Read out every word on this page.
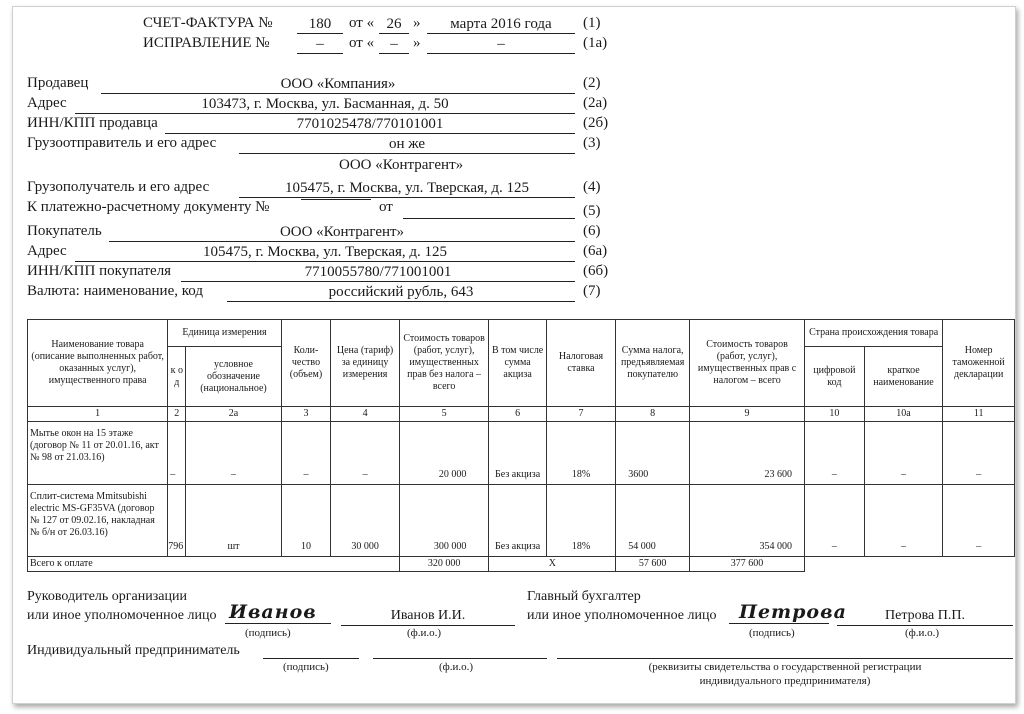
СЧЕТ-ФАКТУРА №	180	от « 26 »	марта 2016 года	(1)
ИСПРАВЛЕНИЕ №	–	от «	–	»	–	(1а)
Продавец	ООО «Компания»	(2)
Адрес	103473, г. Москва, ул. Басманная, д. 50	(2а)
ИНН/КПП продавца	7701025478/770101001	(2б)
Грузоотправитель и его адрес	он же	(3)
ООО «Контрагент»
Грузополучатель и его адрес	105475, г. Москва, ул. Тверская, д. 125	(4)
К платежно-расчетному документу №	от	(5)
Покупатель	ООО «Контрагент»	(6)
Адрес	105475, г. Москва, ул. Тверская, д. 125	(6а)
ИНН/КПП покупателя	7710055780/771001001	(6б)
Валюта: наименование, код	российский рубль, 643	(7)
Наименование товара (описание выполненных работ, оказанных услуг), имущественного права	Единица измерения		Коли-чество (объем)	Цена (тариф) за единицу измерения	Стоимость товаров (работ, услуг), имущественных прав без налога – всего	В том числе сумма акциза	Налоговая ставка	Сумма налога, предъявляемая покупателю	Стоимость товаров (работ, услуг), имущественных прав с налогом – всего	Страна происхождения товара		Номер таможенной декларации
	к о д	условное обозначение (национальное)								цифровой код	краткое наименование	
1	2	2а	3	4	5	6	7	8	9	10	10а	11
Мытье окон на 15 этаже (договор № 11 от 20.01.16, акт № 98 от 21.03.16)	–	–	–	–	20 000	Без акциза	18%	3600	23 600	–	–	–
Сплит-система Mmitsubishi electric MS-GF35VA (договор № 127 от 09.02.16, накладная № б/н от 26.03.16)	796	шт	10	30 000	300 000	Без акциза	18%	54 000	354 000	–	–	–
Всего к оплате					320 000	X		57 600	377 600			
Руководитель организации
или иное уполномоченное лицо Иванов
(подпись)
Иванов И.И.
(ф.и.о.)
Главный бухгалтер
или иное уполномоченное лицо Петрова
(подпись)
Петрова П.П.
(ф.и.о.)
Индивидуальный предприниматель
(подпись)	(ф.и.о.)	(реквизиты свидетельства о государственной регистрации
индивидуального предпринимателя)
